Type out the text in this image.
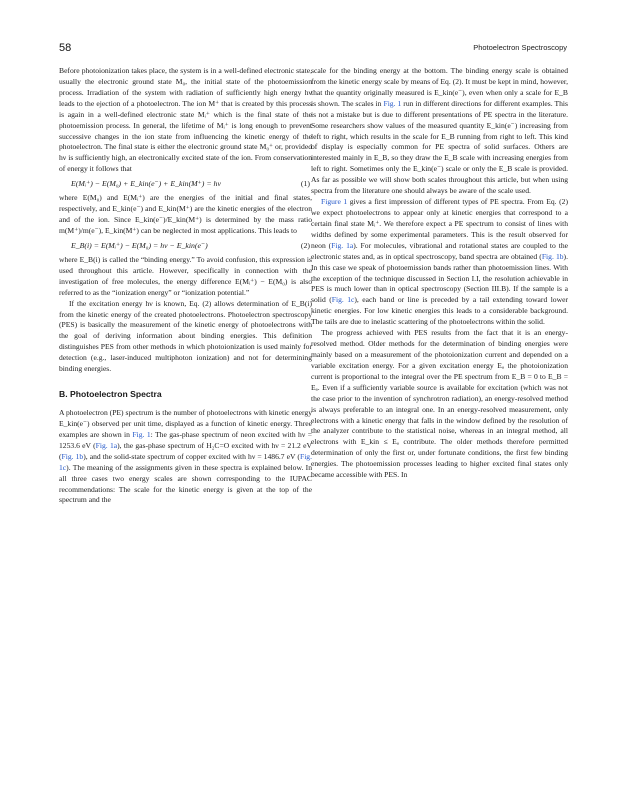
58	Photoelectron Spectroscopy

Before photoionization takes place, the system is in a well-defined electronic state, usually the electronic ground state M₀, the initial state of the photoemission process. Irradiation of the system with radiation of sufficiently high energy hν leads to the ejection of a photoelectron. The ion M⁺ that is created by this process is again in a well-defined electronic state Mᵢ⁺ which is the final state of the photoemission process. In general, the lifetime of Mᵢ⁺ is long enough to prevent successive changes in the ion state from influencing the kinetic energy of the photoelectron. The final state is either the electronic ground state M₀⁺ or, provided hν is sufficiently high, an electronically excited state of the ion. From conservation of energy it follows that

E(Mᵢ⁺) − E(M₀) + E_kin(e⁻) + E_kin(M⁺) = hν	(1)

where E(M₀) and E(Mᵢ⁺) are the energies of the initial and final states, respectively, and E_kin(e⁻) and E_kin(M⁺) are the kinetic energies of the electron and of the ion. Since E_kin(e⁻)/E_kin(M⁺) is determined by the mass ratio m(M⁺)/m(e⁻), E_kin(M⁺) can be neglected in most applications. This leads to

E_B(i) = E(Mᵢ⁺) − E(M₀) = hν − E_kin(e⁻)	(2)

where E_B(i) is called the “binding energy.” To avoid confusion, this expression is used throughout this article. However, specifically in connection with the investigation of free molecules, the energy difference E(Mᵢ⁺) − E(M₀) is also referred to as the “ionization energy” or “ionization potential.”

If the excitation energy hν is known, Eq. (2) allows determination of E_B(i) from the kinetic energy of the created photoelectrons. Photoelectron spectroscopy (PES) is basically the measurement of the kinetic energy of photoelectrons with the goal of deriving information about binding energies. This definition distinguishes PES from other methods in which photoionization is used mainly for detection (e.g., laser-induced multiphoton ionization) and not for determining binding energies.

B. Photoelectron Spectra

A photoelectron (PE) spectrum is the number of photoelectrons with kinetic energy E_kin(e⁻) observed per unit time, displayed as a function of kinetic energy. Three examples are shown in Fig. 1: The gas-phase spectrum of neon excited with hν = 1253.6 eV (Fig. 1a), the gas-phase spectrum of H₂C=O excited with hν = 21.2 eV (Fig. 1b), and the solid-state spectrum of copper excited with hν = 1486.7 eV (Fig. 1c). The meaning of the assignments given in these spectra is explained below. In all three cases two energy scales are shown corresponding to the IUPAC recommendations: The scale for the kinetic energy is given at the top of the spectrum and the

scale for the binding energy at the bottom. The binding energy scale is obtained from the kinetic energy scale by means of Eq. (2). It must be kept in mind, however, that the quantity originally measured is E_kin(e⁻), even when only a scale for E_B is shown. The scales in Fig. 1 run in different directions for different examples. This is not a mistake but is due to different presentations of PE spectra in the literature. Some researchers show values of the measured quantity E_kin(e⁻) increasing from left to right, which results in the scale for E_B running from right to left. This kind of display is especially common for PE spectra of solid surfaces. Others are interested mainly in E_B, so they draw the E_B scale with increasing energies from left to right. Sometimes only the E_kin(e⁻) scale or only the E_B scale is provided. As far as possible we will show both scales throughout this article, but when using spectra from the literature one should always be aware of the scale used.

Figure 1 gives a first impression of different types of PE spectra. From Eq. (2) we expect photoelectrons to appear only at kinetic energies that correspond to a certain final state Mᵢ⁺. We therefore expect a PE spectrum to consist of lines with widths defined by some experimental parameters. This is the result observed for neon (Fig. 1a). For molecules, vibrational and rotational states are coupled to the electronic states and, as in optical spectroscopy, band spectra are obtained (Fig. 1b). In this case we speak of photoemission bands rather than photoemission lines. With the exception of the technique discussed in Section I.I, the resolution achievable in PES is much lower than in optical spectroscopy (Section III.B). If the sample is a solid (Fig. 1c), each band or line is preceded by a tail extending toward lower kinetic energies. For low kinetic energies this leads to a considerable background. The tails are due to inelastic scattering of the photoelectrons within the solid.

The progress achieved with PES results from the fact that it is an energy-resolved method. Older methods for the determination of binding energies were mainly based on a measurement of the photoionization current and depended on a variable excitation energy. For a given excitation energy Eₐ the photoionization current is proportional to the integral over the PE spectrum from E_B = 0 to E_B = Eₐ. Even if a sufficiently variable source is available for excitation (which was not the case prior to the invention of synchrotron radiation), an energy-resolved method is always preferable to an integral one. In an energy-resolved measurement, only electrons with a kinetic energy that falls in the window defined by the resolution of the analyzer contribute to the statistical noise, whereas in an integral method, all electrons with E_kin ≤ Eₐ contribute. The older methods therefore permitted determination of only the first or, under fortunate conditions, the first few binding energies. The photoemission processes leading to higher excited final states only became accessible with PES. In
